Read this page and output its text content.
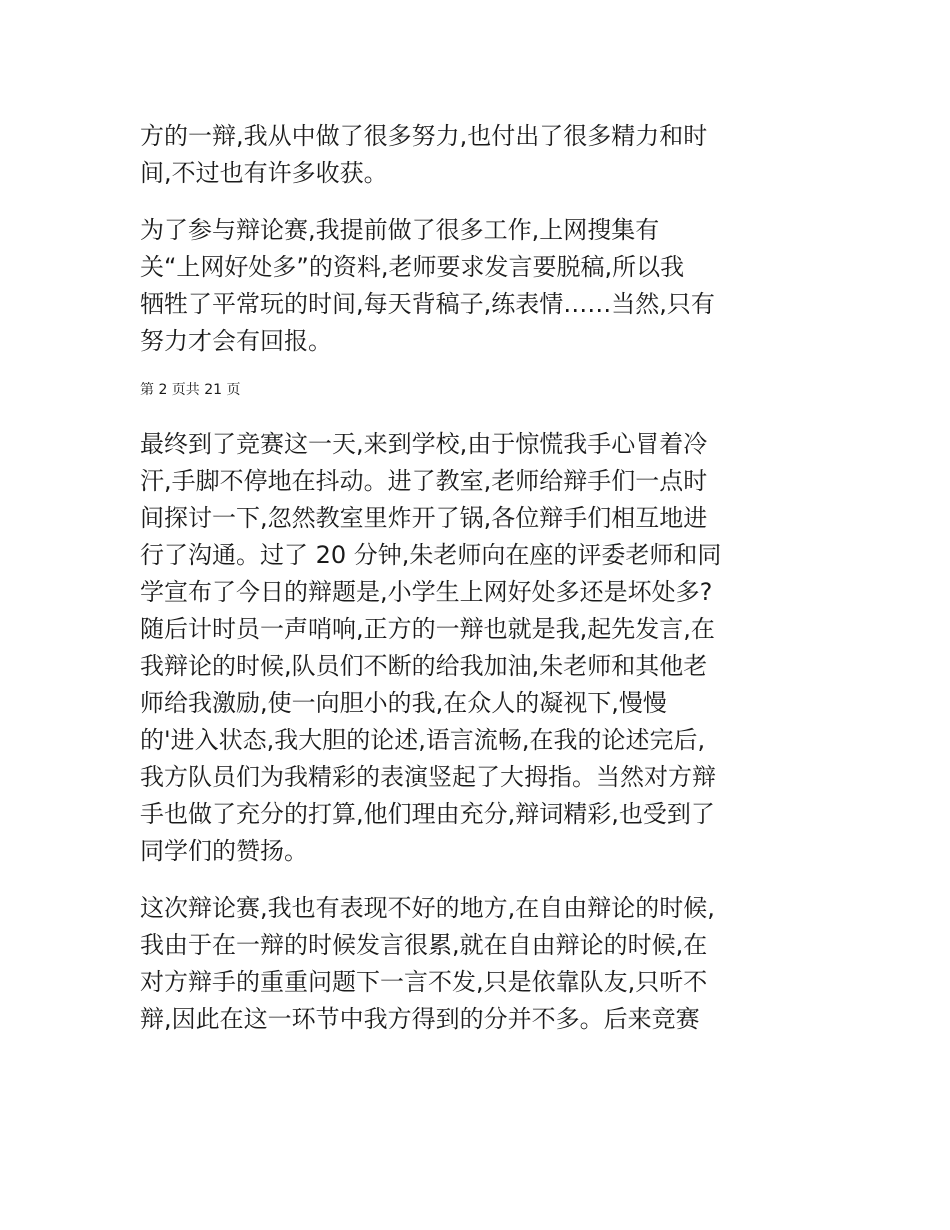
方的一辩,我从中做了很多努力,也付出了很多精力和时
间,不过也有许多收获。

为了参与辩论赛,我提前做了很多工作,上网搜集有
关“上网好处多”的资料,老师要求发言要脱稿,所以我
牺牲了平常玩的时间,每天背稿子,练表情……当然,只有
努力才会有回报。

第 2 页共 21 页

最终到了竞赛这一天,来到学校,由于惊慌我手心冒着冷
汗,手脚不停地在抖动。进了教室,老师给辩手们一点时
间探讨一下,忽然教室里炸开了锅,各位辩手们相互地进
行了沟通。过了 20 分钟,朱老师向在座的评委老师和同
学宣布了今日的辩题是,小学生上网好处多还是坏处多?
随后计时员一声哨响,正方的一辩也就是我,起先发言,在
我辩论的时候,队员们不断的给我加油,朱老师和其他老
师给我激励,使一向胆小的我,在众人的凝视下,慢慢
的'进入状态,我大胆的论述,语言流畅,在我的论述完后,
我方队员们为我精彩的表演竖起了大拇指。当然对方辩
手也做了充分的打算,他们理由充分,辩词精彩,也受到了
同学们的赞扬。

这次辩论赛,我也有表现不好的地方,在自由辩论的时候,
我由于在一辩的时候发言很累,就在自由辩论的时候,在
对方辩手的重重问题下一言不发,只是依靠队友,只听不
辩,因此在这一环节中我方得到的分并不多。后来竞赛
